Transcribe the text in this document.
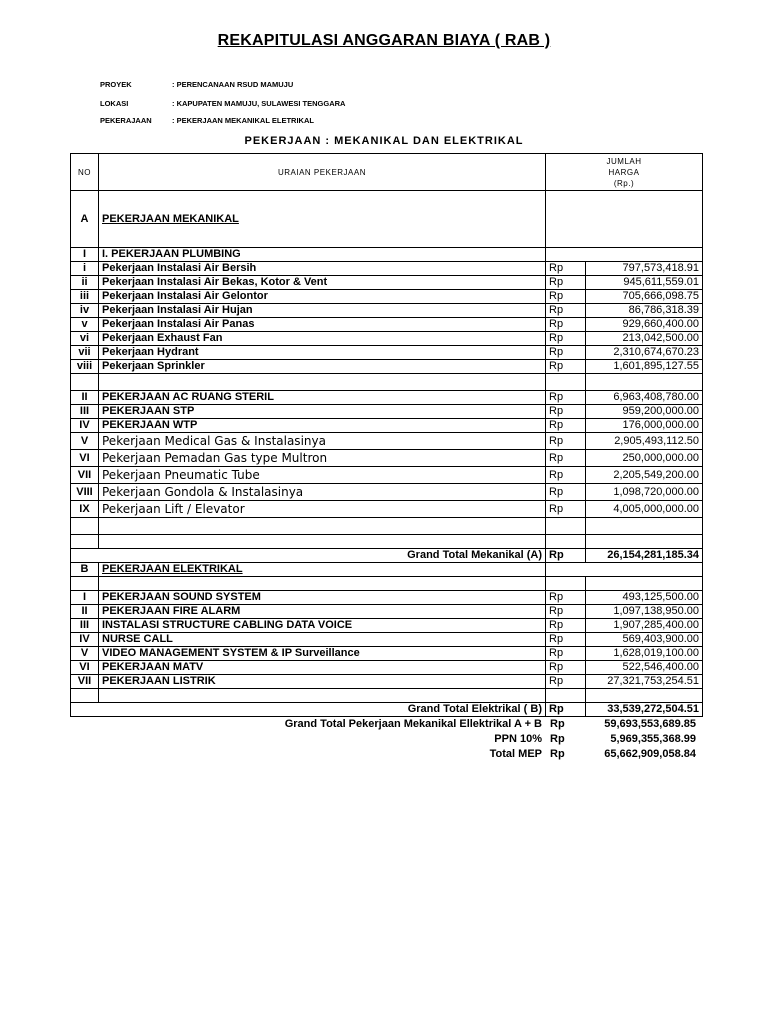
REKAPITULASI ANGGARAN BIAYA ( RAB )
PROYEK	: PERENCANAAN RSUD MAMUJU
LOKASI	: KAPUPATEN MAMUJU, SULAWESI TENGGARA
PEKERAJAAN	: PEKERJAAN MEKANIKAL ELETRIKAL
PEKERJAAN : MEKANIKAL DAN ELEKTRIKAL
NO	URAIAN PEKERJAAN	JUMLAH
HARGA
(Rp.)	

A	PEKERJAAN MEKANIKAL		
I	I. PEKERJAAN PLUMBING		
i	Pekerjaan Instalasi Air Bersih	Rp	797,573,418.91
ii	Pekerjaan Instalasi Air Bekas, Kotor & Vent	Rp	945,611,559.01
iii	Pekerjaan Instalasi Air Gelontor	Rp	705,666,098.75
iv	Pekerjaan Instalasi Air Hujan	Rp	86,786,318.39
v	Pekerjaan Instalasi Air Panas	Rp	929,660,400.00
vi	Pekerjaan Exhaust Fan	Rp	213,042,500.00
vii	Pekerjaan Hydrant	Rp	2,310,674,670.23
viii	Pekerjaan Sprinkler	Rp	1,601,895,127.55

II	PEKERJAAN AC RUANG STERIL	Rp	6,963,408,780.00
III	PEKERJAAN STP	Rp	959,200,000.00
IV	PEKERJAAN WTP	Rp	176,000,000.00
V	Pekerjaan Medical Gas & Instalasinya	Rp	2,905,493,112.50
VI	Pekerjaan Pemadan Gas type Multron	Rp	250,000,000.00
VII	Pekerjaan Pneumatic Tube	Rp	2,205,549,200.00
VIII	Pekerjaan Gondola & Instalasinya	Rp	1,098,720,000.00
IX	Pekerjaan Lift / Elevator	Rp	4,005,000,000.00

Grand Total Mekanikal (A)		Rp	26,154,281,185.34
B	PEKERJAAN ELEKTRIKAL		

I	PEKERJAAN SOUND SYSTEM	Rp	493,125,500.00
II	PEKERJAAN FIRE ALARM	Rp	1,097,138,950.00
III	INSTALASI STRUCTURE CABLING DATA VOICE	Rp	1,907,285,400.00
IV	NURSE CALL	Rp	569,403,900.00
V	VIDEO MANAGEMENT SYSTEM & IP Surveillance	Rp	1,628,019,100.00
VI	PEKERJAAN MATV	Rp	522,546,400.00
VII	PEKERJAAN LISTRIK	Rp	27,321,753,254.51

Grand Total Elektrikal ( B)		Rp	33,539,272,504.51
Grand Total Pekerjaan Mekanikal Ellektrikal A + B Rp	59,693,553,689.85
PPN 10% Rp	5,969,355,368.99
Total MEP Rp	65,662,909,058.84
